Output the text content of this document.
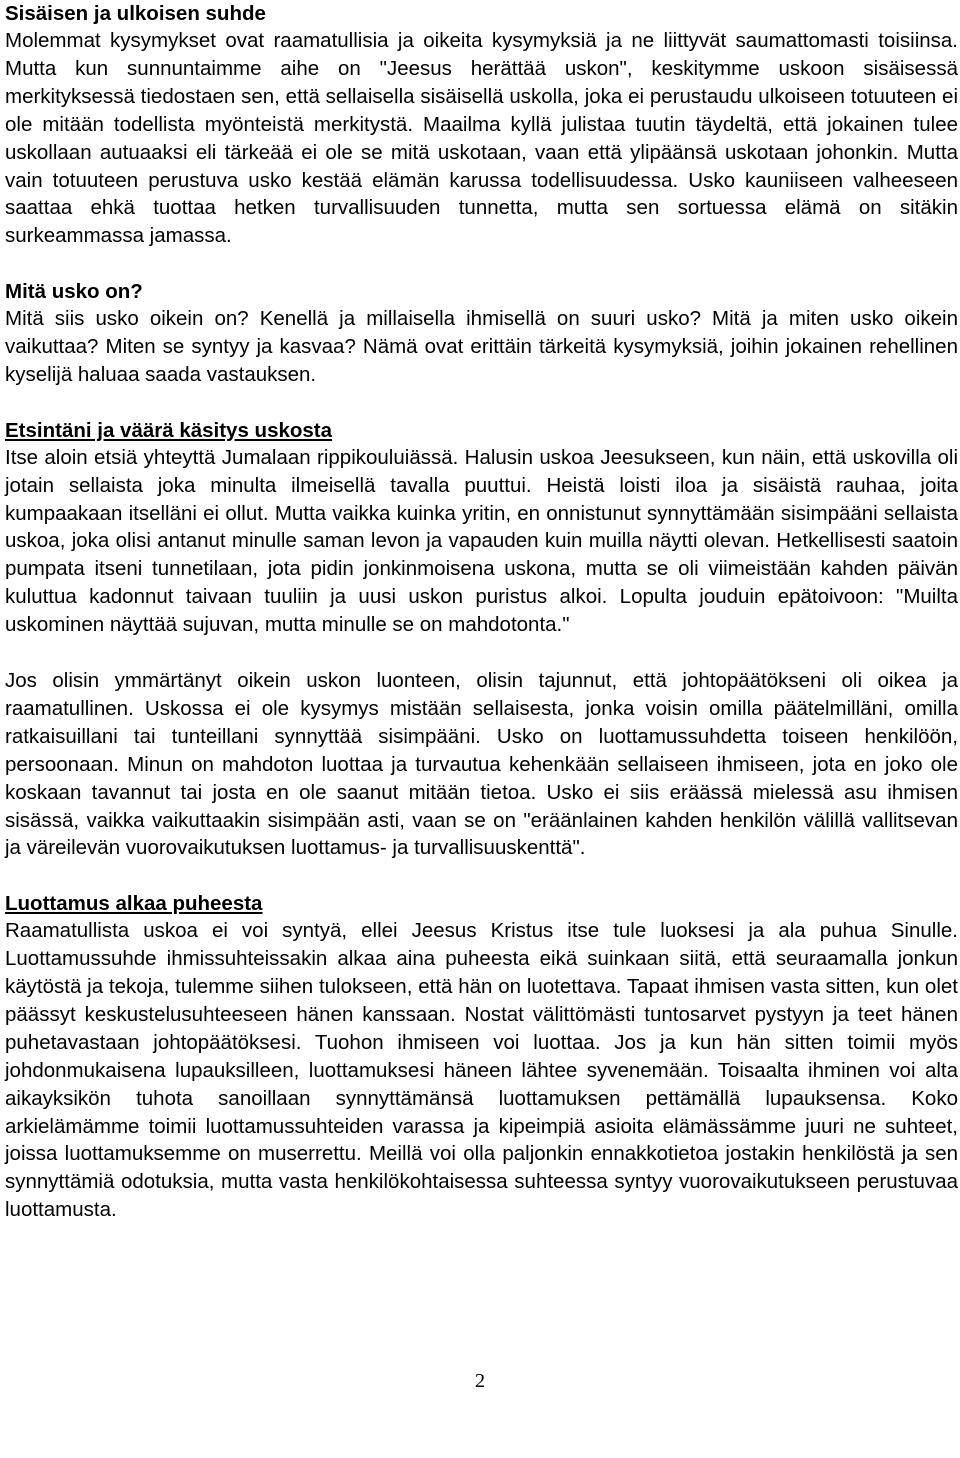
Sisäisen ja ulkoisen suhde

Molemmat kysymykset ovat raamatullisia ja oikeita kysymyksiä ja ne liittyvät saumattomasti toisiinsa. Mutta kun sunnuntaimme aihe on "Jeesus herättää uskon", keskitymme uskoon sisäisessä merkityksessä tiedostaen sen, että sellaisella sisäisellä uskolla, joka ei perustaudu ulkoiseen totuuteen ei ole mitään todellista myönteistä merkitystä. Maailma kyllä julistaa tuutin täydeltä, että jokainen tulee uskollaan autuaaksi eli tärkeää ei ole se mitä uskotaan, vaan että ylipäänsä uskotaan johonkin. Mutta vain totuuteen perustuva usko kestää elämän karussa todellisuudessa. Usko kauniiseen valheeseen saattaa ehkä tuottaa hetken turvallisuuden tunnetta, mutta sen sortuessa elämä on sitäkin surkeammassa jamassa.

Mitä usko on?

Mitä siis usko oikein on? Kenellä ja millaisella ihmisellä on suuri usko? Mitä ja miten usko oikein vaikuttaa? Miten se syntyy ja kasvaa? Nämä ovat erittäin tärkeitä kysymyksiä, joihin jokainen rehellinen kyselijä haluaa saada vastauksen.

Etsintäni ja väärä käsitys uskosta

Itse aloin etsiä yhteyttä Jumalaan rippikouluiässä. Halusin uskoa Jeesukseen, kun näin, että uskovilla oli jotain sellaista joka minulta ilmeisellä tavalla puuttui. Heistä loisti iloa ja sisäistä rauhaa, joita kumpaakaan itselläni ei ollut. Mutta vaikka kuinka yritin, en onnistunut synnyttämään sisimpääni sellaista uskoa, joka olisi antanut minulle saman levon ja vapauden kuin muilla näytti olevan. Hetkellisesti saatoin pumpata itseni tunnetilaan, jota pidin jonkinmoisena uskona, mutta se oli viimeistään kahden päivän kuluttua kadonnut taivaan tuuliin ja uusi uskon puristus alkoi. Lopulta jouduin epätoivoon: "Muilta uskominen näyttää sujuvan, mutta minulle se on mahdotonta."

Jos olisin ymmärtänyt oikein uskon luonteen, olisin tajunnut, että johtopäätökseni oli oikea ja raamatullinen. Uskossa ei ole kysymys mistään sellaisesta, jonka voisin omilla päätelmilläni, omilla ratkaisuillani tai tunteillani synnyttää sisimpääni. Usko on luottamussuhdetta toiseen henkilöön, persoonaan. Minun on mahdoton luottaa ja turvautua kehenkään sellaiseen ihmiseen, jota en joko ole koskaan tavannut tai josta en ole saanut mitään tietoa. Usko ei siis eräässä mielessä asu ihmisen sisässä, vaikka vaikuttaakin sisimpään asti, vaan se on "eräänlainen kahden henkilön välillä vallitsevan ja väreilevän vuorovaikutuksen luottamus- ja turvallisuuskenttä".

Luottamus alkaa puheesta

Raamatullista uskoa ei voi syntyä, ellei Jeesus Kristus itse tule luoksesi ja ala puhua Sinulle. Luottamussuhde ihmissuhteissakin alkaa aina puheesta eikä suinkaan siitä, että seuraamalla jonkun käytöstä ja tekoja, tulemme siihen tulokseen, että hän on luotettava. Tapaat ihmisen vasta sitten, kun olet päässyt keskustelusuhteeseen hänen kanssaan. Nostat välittömästi tuntosarvet pystyyn ja teet hänen puhetavastaan johtopäätöksesi. Tuohon ihmiseen voi luottaa. Jos ja kun hän sitten toimii myös johdonmukaisena lupauksilleen, luottamuksesi häneen lähtee syvenemään. Toisaalta ihminen voi alta aikayksikön tuhota sanoillaan synnyttämänsä luottamuksen pettämällä lupauksensa. Koko arkielämämme toimii luottamussuhteiden varassa ja kipeimpiä asioita elämässämme juuri ne suhteet, joissa luottamuksemme on muserrettu. Meillä voi olla paljonkin ennakkotietoa jostakin henkilöstä ja sen synnyttämiä odotuksia, mutta vasta henkilökohtaisessa suhteessa syntyy vuorovaikutukseen perustuvaa luottamusta.

2
